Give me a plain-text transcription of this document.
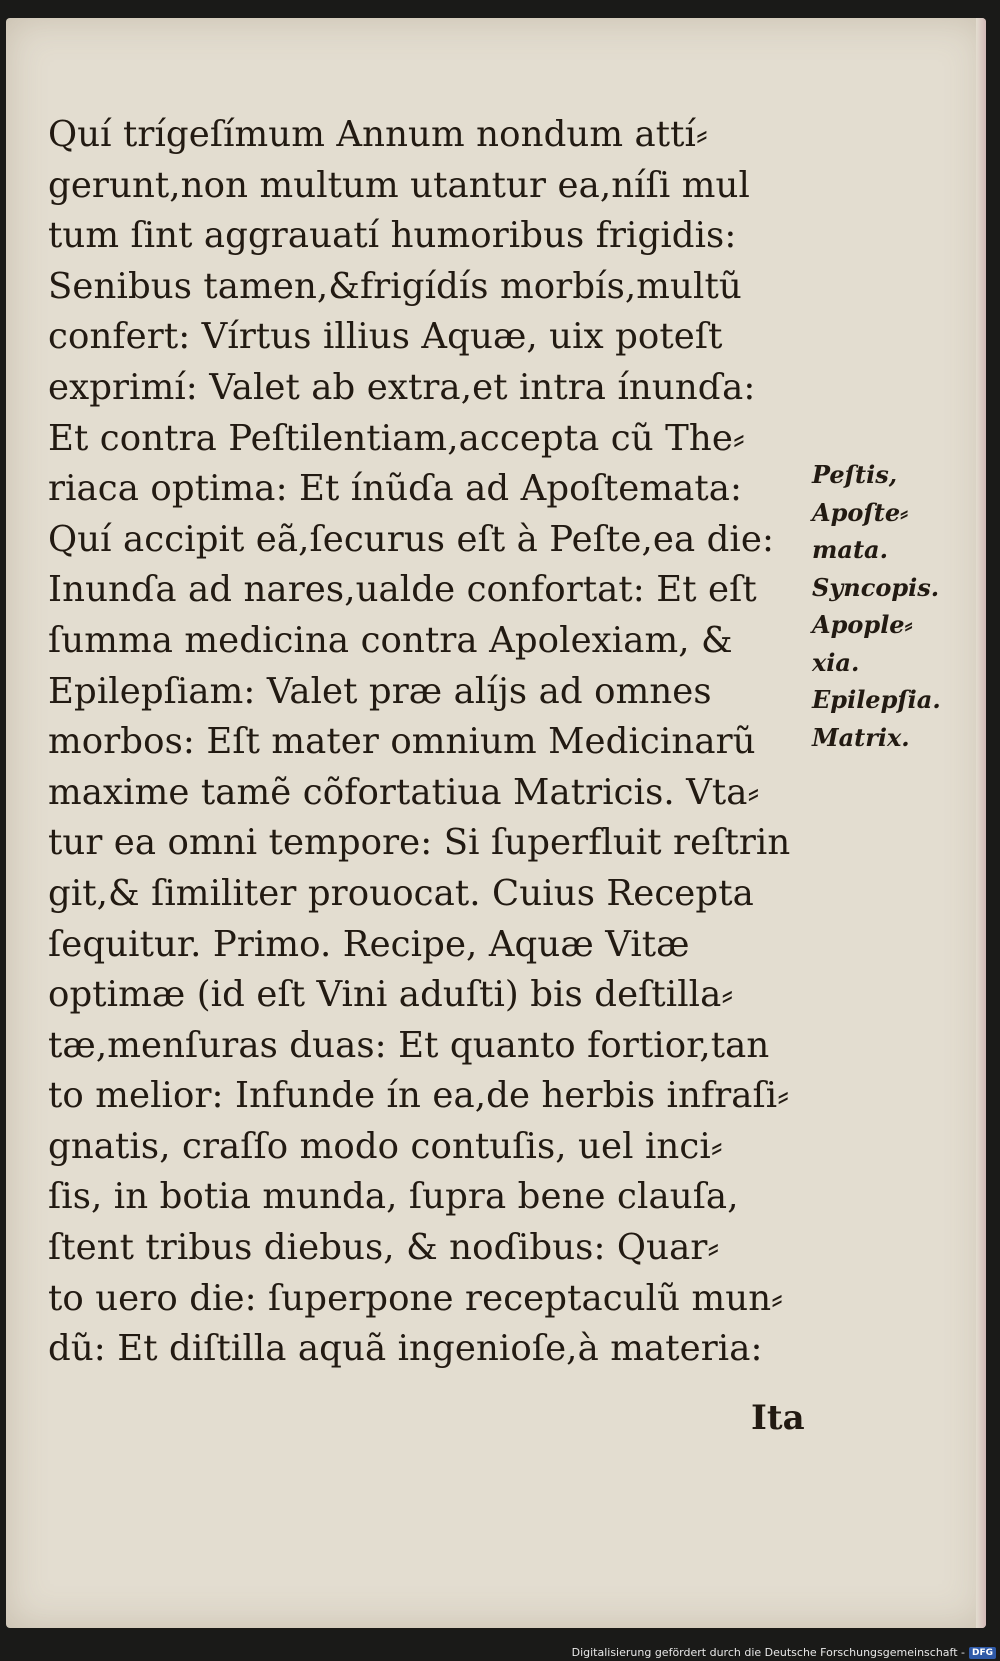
Quí trígeſímum Annum nondum attí⸗
gerunt,non multum utantur ea,níſi mul
tum ſint aggrauatí humoribus frigidis:
Senibus tamen,&frigídís morbís,multũ
confert: Vírtus illius Aquæ, uix poteſt
exprimí: Valet ab extra,et intra ínunɗa:
Et contra Peſtilentiam,accepta cũ The⸗
riaca optima: Et ínũɗa ad Apoſtemata:
Quí accipit eã,ſecurus eſt à Peſte,ea die:
Inunɗa ad nares,ualde confortat: Et eſt
ſumma medicina contra Apolexiam, &
Epilepſiam: Valet præ alíjs ad omnes
morbos: Eſt mater omnium Medicinarũ
maxime tamẽ cõfortatiua Matricis. Vta⸗
tur ea omni tempore: Si ſuperfluit reſtrin
git,& ſimiliter prouocat. Cuius Recepta
ſequitur. Primo. Recipe, Aquæ Vitæ
optimæ (id eſt Vini aduſti) bis deſtilla⸗
tæ,menſuras duas: Et quanto fortior,tan
to melior: Infunde ín ea,de herbis infraſi⸗
gnatis, craſſo modo contuſis, uel inci⸗
ſis, in botia munda, ſupra bene clauſa,
ſtent tribus diebus, & noɗibus: Quar⸗
to uero die: ſuperpone receptaculũ mun⸗
dũ: Et diſtilla aquã ingenioſe,à materia:
Ita
Peſtis,
Apoſte⸗
mata.
Syncopis.
Apople⸗
xia.
Epilepſia.
Matrix.
Digitalisierung gefördert durch die Deutsche Forschungsgemeinschaft - DFG
